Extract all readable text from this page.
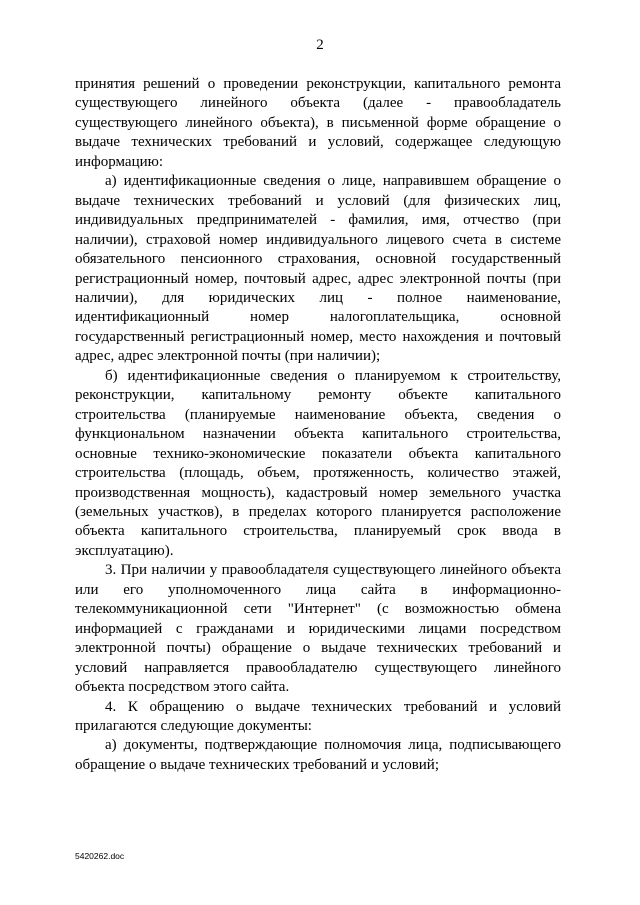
2

принятия решений о проведении реконструкции, капитального ремонта существующего линейного объекта (далее - правообладатель существующего линейного объекта), в письменной форме обращение о выдаче технических требований и условий, содержащее следующую информацию:

а) идентификационные сведения о лице, направившем обращение о выдаче технических требований и условий (для физических лиц, индивидуальных предпринимателей - фамилия, имя, отчество (при наличии), страховой номер индивидуального лицевого счета в системе обязательного пенсионного страхования, основной государственный регистрационный номер, почтовый адрес, адрес электронной почты (при наличии), для юридических лиц - полное наименование, идентификационный номер налогоплательщика, основной государственный регистрационный номер, место нахождения и почтовый адрес, адрес электронной почты (при наличии);

б) идентификационные сведения о планируемом к строительству, реконструкции, капитальному ремонту объекте капитального строительства (планируемые наименование объекта, сведения о функциональном назначении объекта капитального строительства, основные технико-экономические показатели объекта капитального строительства (площадь, объем, протяженность, количество этажей, производственная мощность), кадастровый номер земельного участка (земельных участков), в пределах которого планируется расположение объекта капитального строительства, планируемый срок ввода в эксплуатацию).

3. При наличии у правообладателя существующего линейного объекта или его уполномоченного лица сайта в информационно-телекоммуникационной сети "Интернет" (с возможностью обмена информацией с гражданами и юридическими лицами посредством электронной почты) обращение о выдаче технических требований и условий направляется правообладателю существующего линейного объекта посредством этого сайта.

4. К обращению о выдаче технических требований и условий прилагаются следующие документы:

а) документы, подтверждающие полномочия лица, подписывающего обращение о выдаче технических требований и условий;

5420262.doc
